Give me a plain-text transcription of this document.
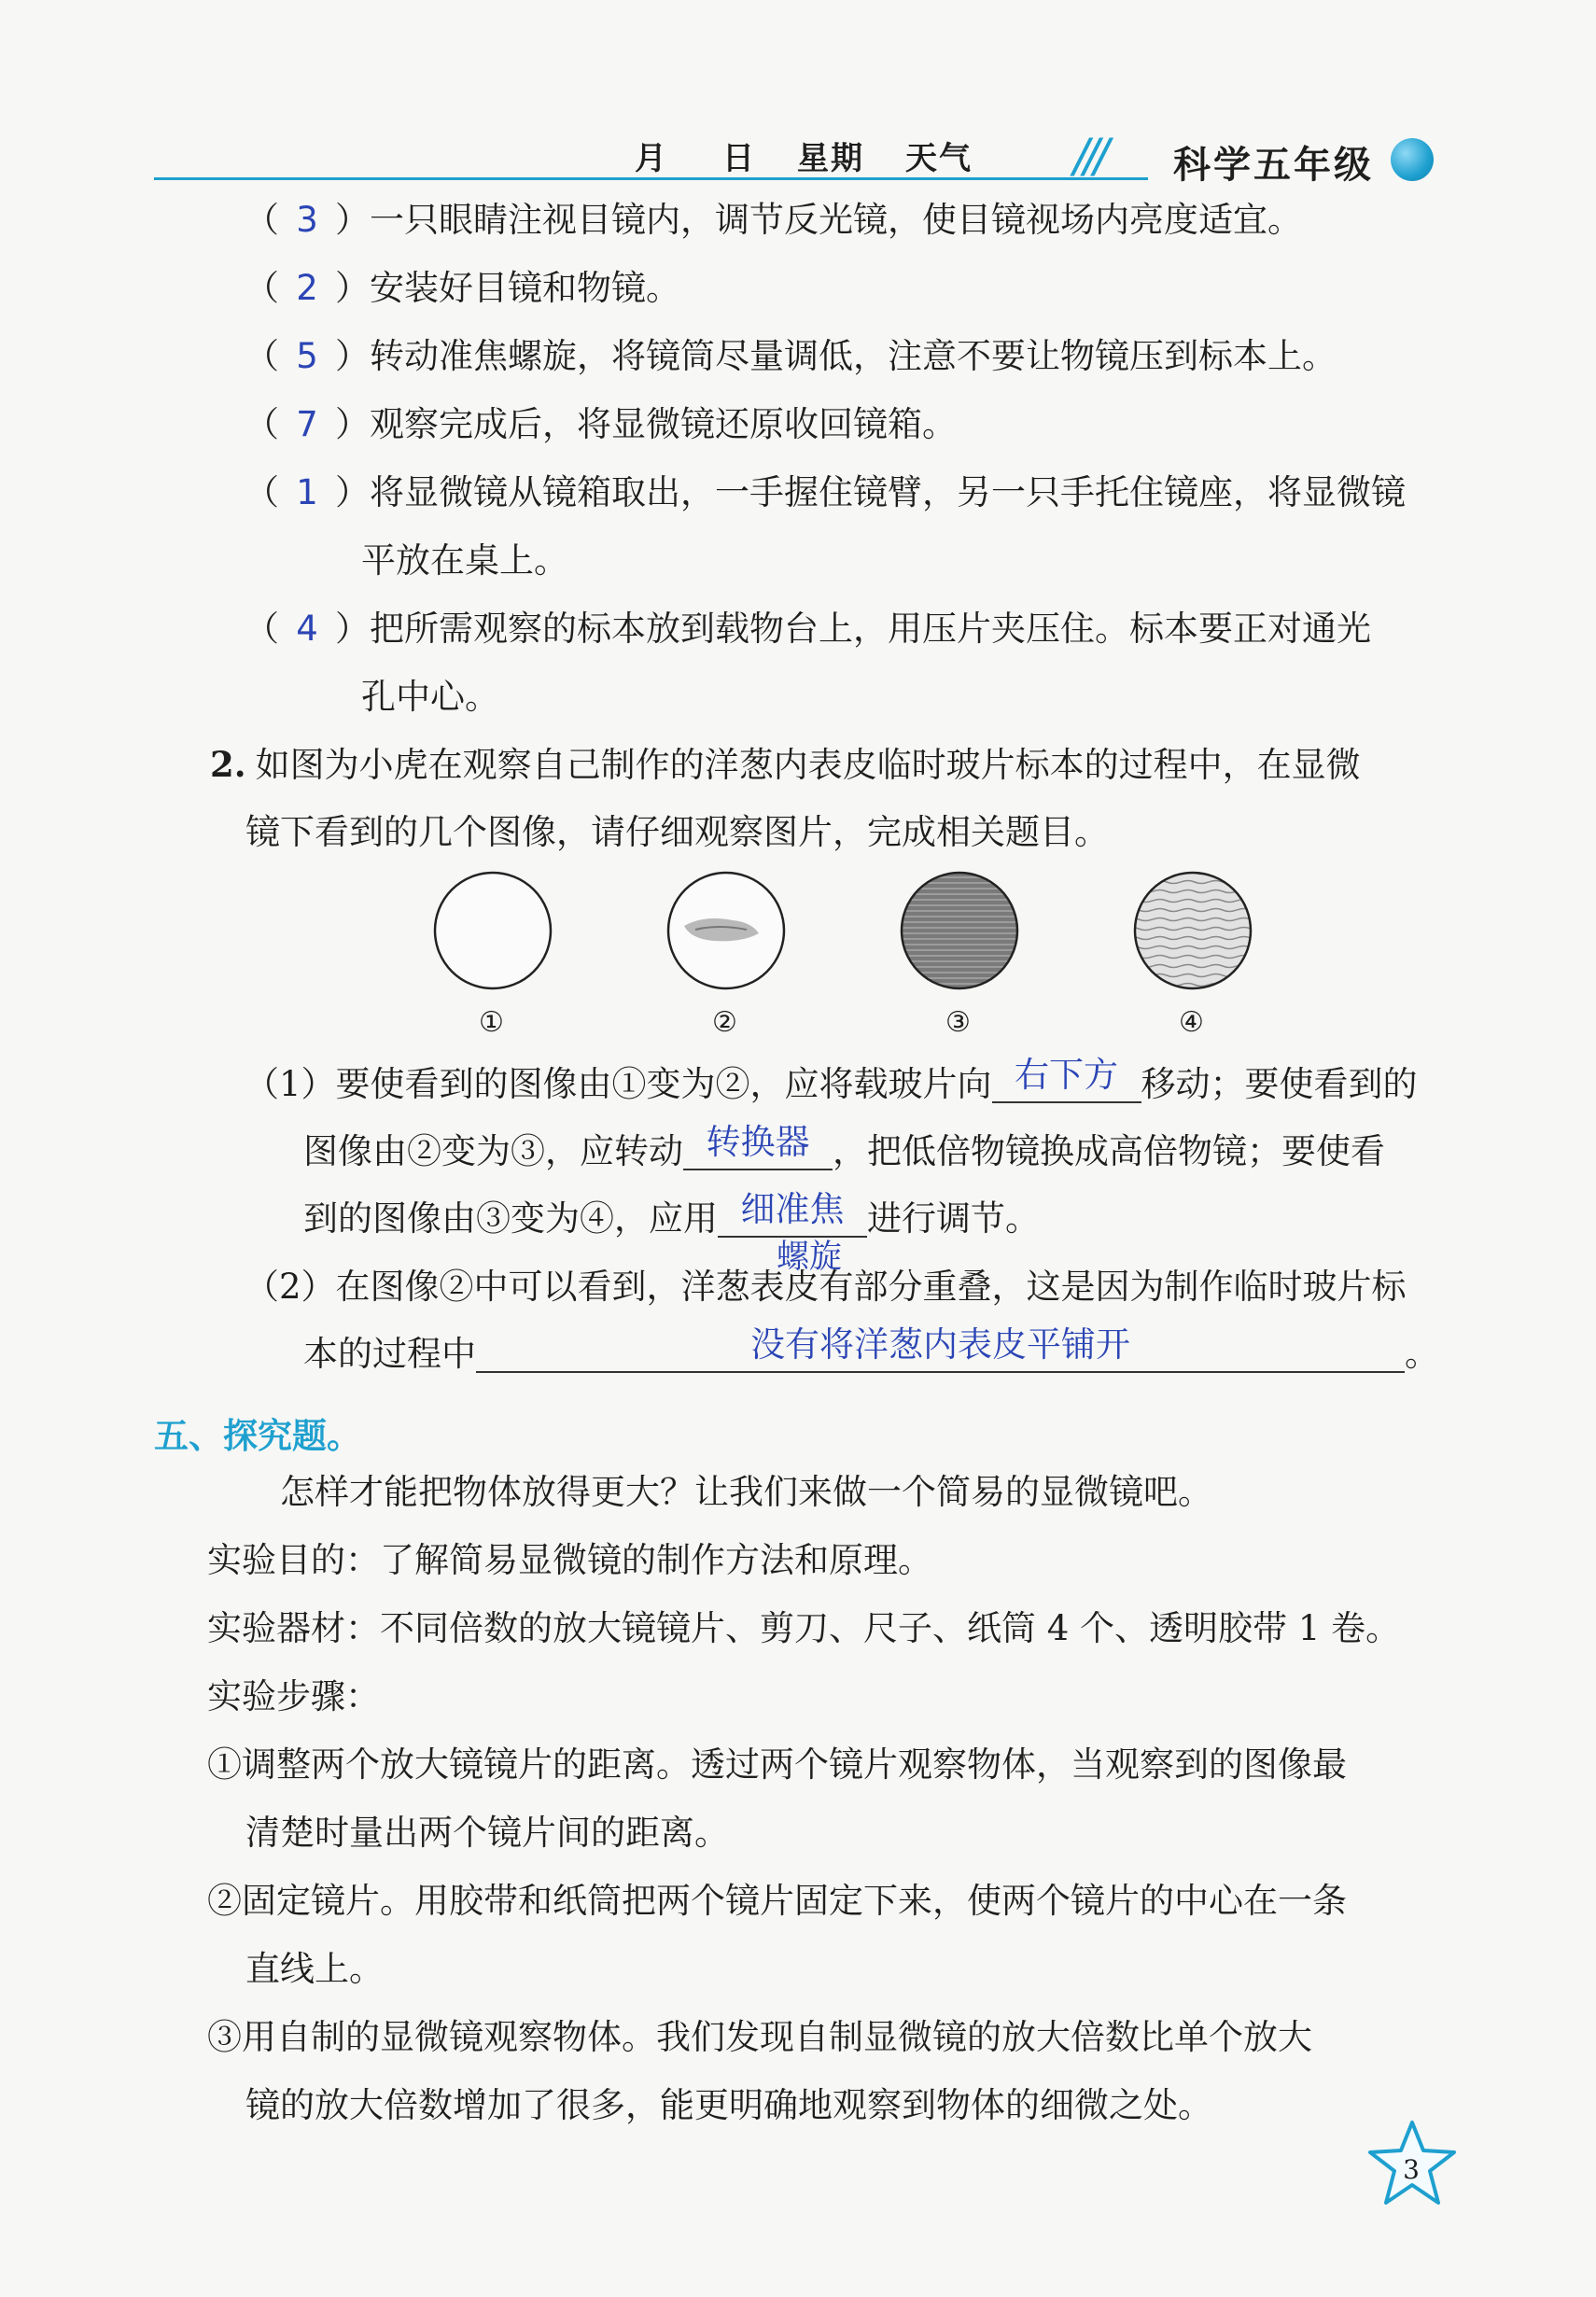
月 日 星期 天气 /// 科学五年级
（ 3 ）一只眼睛注视目镜内，调节反光镜，使目镜视场内亮度适宜。
（ 2 ）安装好目镜和物镜。
（ 5 ）转动准焦螺旋，将镜筒尽量调低，注意不要让物镜压到标本上。
（ 7 ）观察完成后，将显微镜还原收回镜箱。
（ 1 ）将显微镜从镜箱取出，一手握住镜臂，另一只手托住镜座，将显微镜
平放在桌上。
（ 4 ）把所需观察的标本放到载物台上，用压片夹压住。标本要正对通光
孔中心。
2. 如图为小虎在观察自己制作的洋葱内表皮临时玻片标本的过程中，在显微
镜下看到的几个图像，请仔细观察图片，完成相关题目。
①	②	③	④
（1）要使看到的图像由①变为②，应将载玻片向 右下方 移动；要使看到的
图像由②变为③，应转动 转换器 ，把低倍物镜换成高倍物镜；要使看
到的图像由③变为④，应用 细准焦 进行调节。
螺旋
（2）在图像②中可以看到，洋葱表皮有部分重叠，这是因为制作临时玻片标
本的过程中	没有将洋葱内表皮平铺开	。
五、探究题。
怎样才能把物体放得更大？让我们来做一个简易的显微镜吧。
实验目的：了解简易显微镜的制作方法和原理。
实验器材：不同倍数的放大镜镜片、剪刀、尺子、纸筒 4 个、透明胶带 1 卷。
实验步骤：
①调整两个放大镜镜片的距离。透过两个镜片观察物体，当观察到的图像最
清楚时量出两个镜片间的距离。
②固定镜片。用胶带和纸筒把两个镜片固定下来，使两个镜片的中心在一条
直线上。
③用自制的显微镜观察物体。我们发现自制显微镜的放大倍数比单个放大
镜的放大倍数增加了很多，能更明确地观察到物体的细微之处。
3
